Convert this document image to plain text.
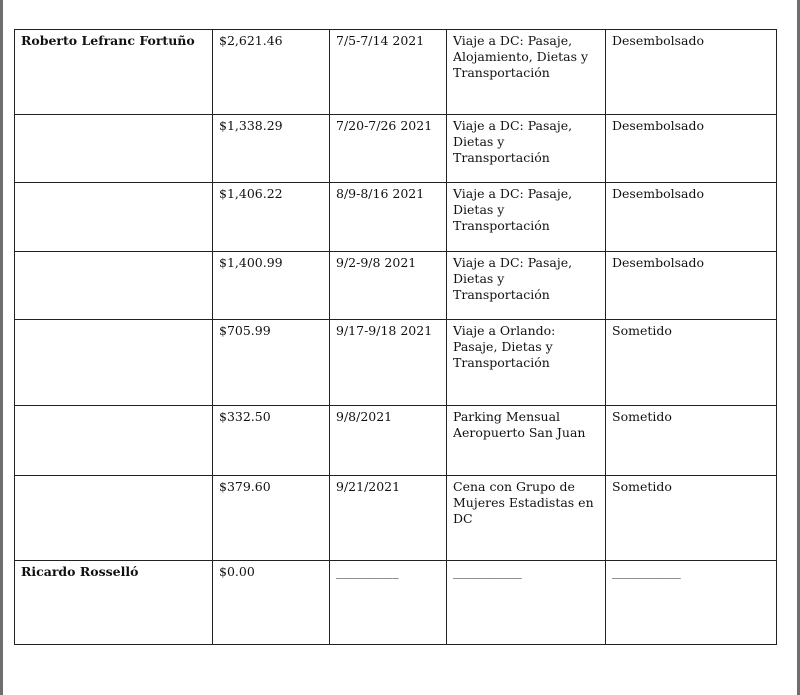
Roberto Lefranc Fortuño	$2,621.46	7/5-7/14 2021	Viaje a DC: Pasaje, Alojamiento, Dietas y Transportación	Desembolsado
	$1,338.29	7/20-7/26 2021	Viaje a DC: Pasaje, Dietas y Transportación	Desembolsado
	$1,406.22	8/9-8/16 2021	Viaje a DC: Pasaje, Dietas y Transportación	Desembolsado
	$1,400.99	9/2-9/8 2021	Viaje a DC: Pasaje, Dietas y Transportación	Desembolsado
	$705.99	9/17-9/18 2021	Viaje a Orlando: Pasaje, Dietas y Transportación	Sometido
	$332.50	9/8/2021	Parking Mensual Aeropuerto San Juan	Sometido
	$379.60	9/21/2021	Cena con Grupo de Mujeres Estadistas en DC	Sometido
Ricardo Rosselló	$0.00	__________	___________	___________
